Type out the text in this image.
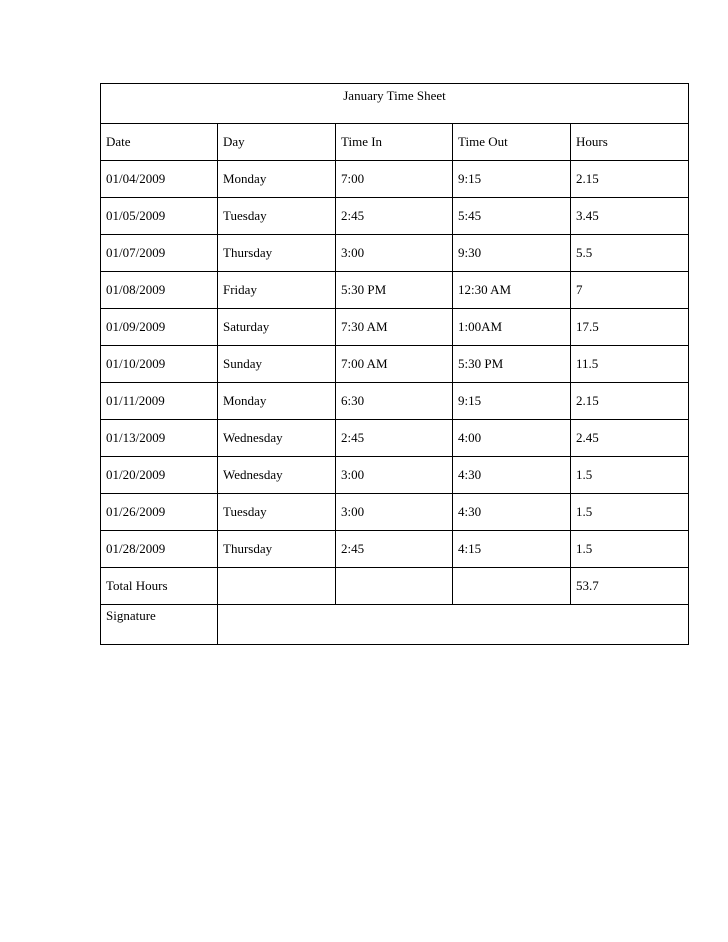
January Time Sheet				
Date	Day	Time In	Time Out	Hours
01/04/2009	Monday	7:00	9:15	2.15
01/05/2009	Tuesday	2:45	5:45	3.45
01/07/2009	Thursday	3:00	9:30	5.5
01/08/2009	Friday	5:30 PM	12:30 AM	7
01/09/2009	Saturday	7:30 AM	1:00AM	17.5
01/10/2009	Sunday	7:00 AM	5:30 PM	11.5
01/11/2009	Monday	6:30	9:15	2.15
01/13/2009	Wednesday	2:45	4:00	2.45
01/20/2009	Wednesday	3:00	4:30	1.5
01/26/2009	Tuesday	3:00	4:30	1.5
01/28/2009	Thursday	2:45	4:15	1.5
Total Hours				53.7
Signature				
